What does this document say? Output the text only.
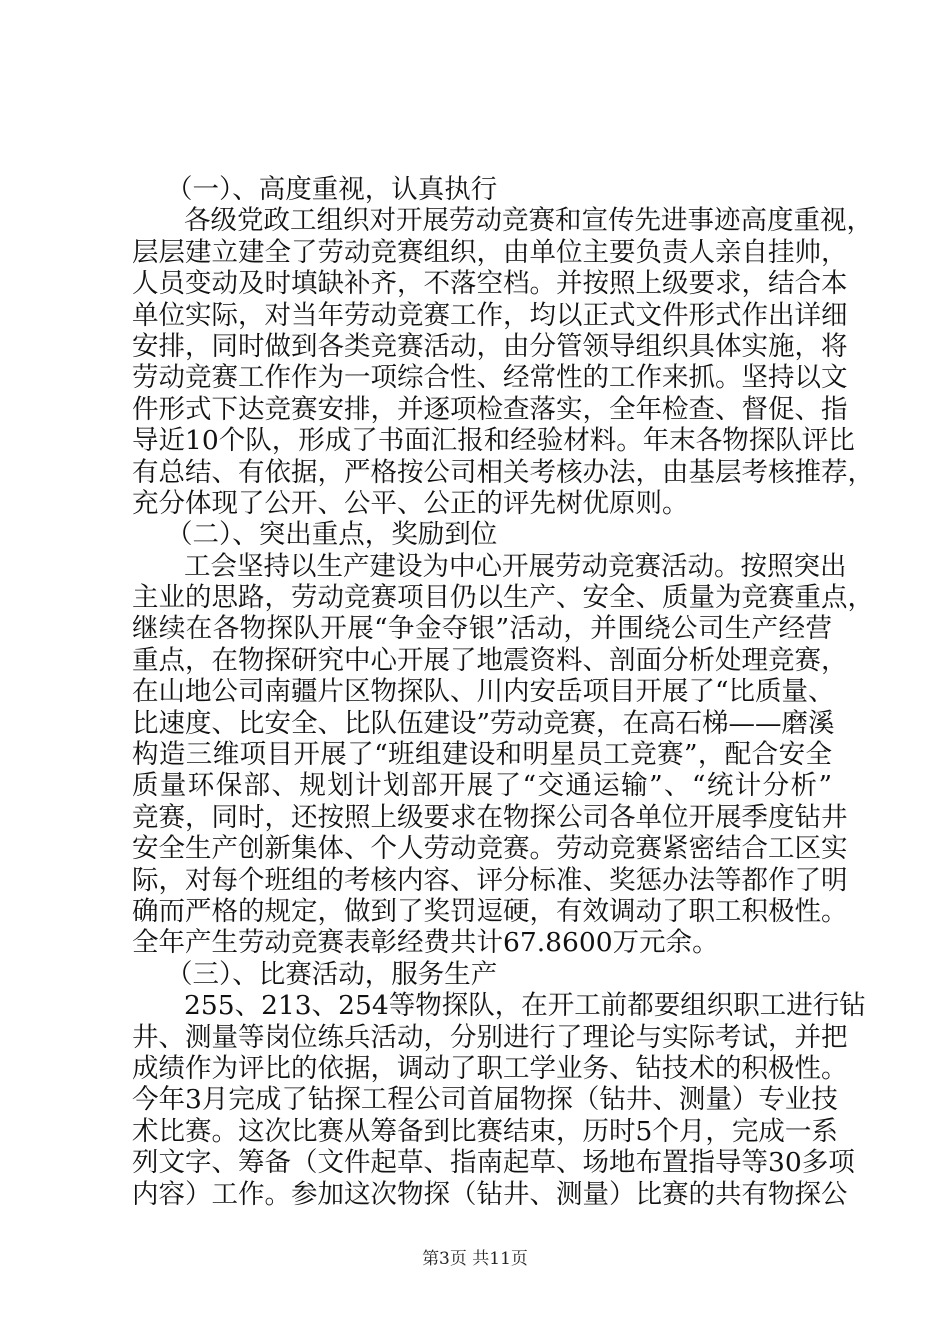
（一）、高度重视，认真执行
各级党政工组织对开展劳动竞赛和宣传先进事迹高度重视，
层层建立建全了劳动竞赛组织，由单位主要负责人亲自挂帅，
人员变动及时填缺补齐，不落空档。并按照上级要求，结合本
单位实际，对当年劳动竞赛工作，均以正式文件形式作出详细
安排，同时做到各类竞赛活动，由分管领导组织具体实施，将
劳动竞赛工作作为一项综合性、经常性的工作来抓。坚持以文
件形式下达竞赛安排，并逐项检查落实，全年检查、督促、指
导近10个队，形成了书面汇报和经验材料。年末各物探队评比
有总结、有依据，严格按公司相关考核办法，由基层考核推荐，
充分体现了公开、公平、公正的评先树优原则。
（二）、突出重点，奖励到位
工会坚持以生产建设为中心开展劳动竞赛活动。按照突出
主业的思路，劳动竞赛项目仍以生产、安全、质量为竞赛重点，
继续在各物探队开展“争金夺银”活动，并围绕公司生产经营
重点，在物探研究中心开展了地震资料、剖面分析处理竞赛，
在山地公司南疆片区物探队、川内安岳项目开展了“比质量、
比速度、比安全、比队伍建设”劳动竞赛，在高石梯——磨溪
构造三维项目开展了“班组建设和明星员工竞赛”，配合安全
质量环保部、规划计划部开展了“交通运输”、“统计分析”
竞赛，同时，还按照上级要求在物探公司各单位开展季度钻井
安全生产创新集体、个人劳动竞赛。劳动竞赛紧密结合工区实
际，对每个班组的考核内容、评分标准、奖惩办法等都作了明
确而严格的规定，做到了奖罚逗硬，有效调动了职工积极性。
全年产生劳动竞赛表彰经费共计67.8600万元余。
（三）、比赛活动，服务生产
255、213、254等物探队，在开工前都要组织职工进行钻
井、测量等岗位练兵活动，分别进行了理论与实际考试，并把
成绩作为评比的依据，调动了职工学业务、钻技术的积极性。
今年3月完成了钻探工程公司首届物探（钻井、测量）专业技
术比赛。这次比赛从筹备到比赛结束，历时5个月，完成一系
列文字、筹备（文件起草、指南起草、场地布置指导等30多项
内容）工作。参加这次物探（钻井、测量）比赛的共有物探公
第3页 共11页
